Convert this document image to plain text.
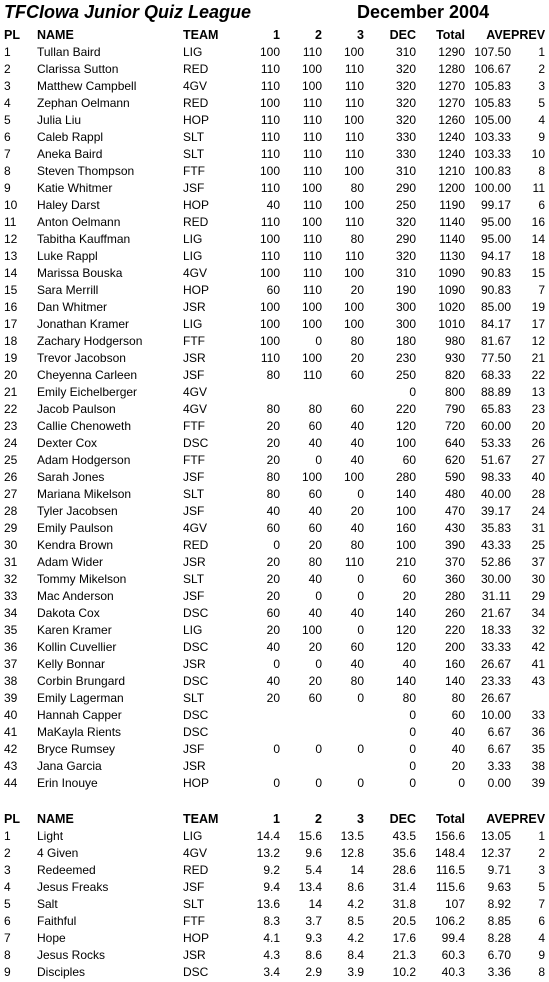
TFCIowa Junior Quiz League	December 2004
PL	NAME	TEAM	1	2	3	DEC	Total	AVE	PREV
1	Tullan Baird	LIG	100	110	100	310	1290	107.50	1
2	Clarissa Sutton	RED	110	100	110	320	1280	106.67	2
3	Matthew Campbell	4GV	110	100	110	320	1270	105.83	3
4	Zephan Oelmann	RED	100	110	110	320	1270	105.83	5
5	Julia Liu	HOP	110	110	100	320	1260	105.00	4
6	Caleb Rappl	SLT	110	110	110	330	1240	103.33	9
7	Aneka Baird	SLT	110	110	110	330	1240	103.33	10
8	Steven Thompson	FTF	100	110	100	310	1210	100.83	8
9	Katie Whitmer	JSF	110	100	80	290	1200	100.00	11
10	Haley Darst	HOP	40	110	100	250	1190	99.17	6
11	Anton Oelmann	RED	110	100	110	320	1140	95.00	16
12	Tabitha Kauffman	LIG	100	110	80	290	1140	95.00	14
13	Luke Rappl	LIG	110	110	110	320	1130	94.17	18
14	Marissa Bouska	4GV	100	110	100	310	1090	90.83	15
15	Sara Merrill	HOP	60	110	20	190	1090	90.83	7
16	Dan Whitmer	JSR	100	100	100	300	1020	85.00	19
17	Jonathan Kramer	LIG	100	100	100	300	1010	84.17	17
18	Zachary Hodgerson	FTF	100	0	80	180	980	81.67	12
19	Trevor Jacobson	JSR	110	100	20	230	930	77.50	21
20	Cheyenna Carleen	JSF	80	110	60	250	820	68.33	22
21	Emily Eichelberger	4GV				0	800	88.89	13
22	Jacob Paulson	4GV	80	80	60	220	790	65.83	23
23	Callie Chenoweth	FTF	20	60	40	120	720	60.00	20
24	Dexter Cox	DSC	20	40	40	100	640	53.33	26
25	Adam Hodgerson	FTF	20	0	40	60	620	51.67	27
26	Sarah Jones	JSF	80	100	100	280	590	98.33	40
27	Mariana Mikelson	SLT	80	60	0	140	480	40.00	28
28	Tyler Jacobsen	JSF	40	40	20	100	470	39.17	24
29	Emily Paulson	4GV	60	60	40	160	430	35.83	31
30	Kendra Brown	RED	0	20	80	100	390	43.33	25
31	Adam Wider	JSR	20	80	110	210	370	52.86	37
32	Tommy Mikelson	SLT	20	40	0	60	360	30.00	30
33	Mac Anderson	JSF	20	0	0	20	280	31.11	29
34	Dakota Cox	DSC	60	40	40	140	260	21.67	34
35	Karen Kramer	LIG	20	100	0	120	220	18.33	32
36	Kollin Cuvellier	DSC	40	20	60	120	200	33.33	42
37	Kelly Bonnar	JSR	0	0	40	40	160	26.67	41
38	Corbin Brungard	DSC	40	20	80	140	140	23.33	43
39	Emily Lagerman	SLT	20	60	0	80	80	26.67	
40	Hannah Capper	DSC				0	60	10.00	33
41	MaKayla Rients	DSC				0	40	6.67	36
42	Bryce Rumsey	JSF	0	0	0	0	40	6.67	35
43	Jana Garcia	JSR				0	20	3.33	38
44	Erin Inouye	HOP	0	0	0	0	0	0.00	39
PL	NAME	TEAM	1	2	3	DEC	Total	AVE	PREV
1	Light	LIG	14.4	15.6	13.5	43.5	156.6	13.05	1
2	4 Given	4GV	13.2	9.6	12.8	35.6	148.4	12.37	2
3	Redeemed	RED	9.2	5.4	14	28.6	116.5	9.71	3
4	Jesus Freaks	JSF	9.4	13.4	8.6	31.4	115.6	9.63	5
5	Salt	SLT	13.6	14	4.2	31.8	107	8.92	7
6	Faithful	FTF	8.3	3.7	8.5	20.5	106.2	8.85	6
7	Hope	HOP	4.1	9.3	4.2	17.6	99.4	8.28	4
8	Jesus Rocks	JSR	4.3	8.6	8.4	21.3	60.3	6.70	9
9	Disciples	DSC	3.4	2.9	3.9	10.2	40.3	3.36	8
